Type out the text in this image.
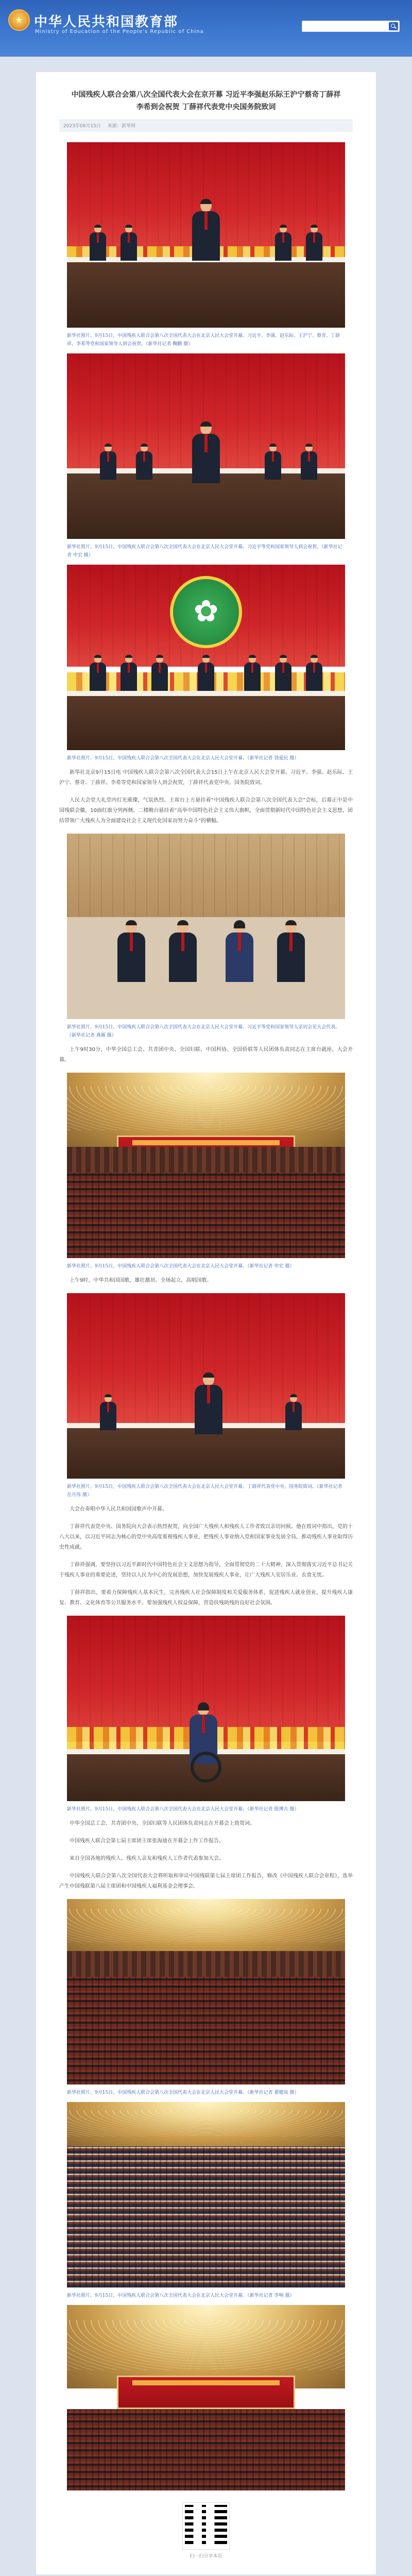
★
中华人民共和国教育部
Ministry of Education of the People's Republic of China
中国残疾人联合会第八次全国代表大会在京开幕 习近平李强赵乐际王沪宁蔡奇丁薛祥李希到会祝贺 丁薛祥代表党中央国务院致词
2023年09月15日 来源：新华网
新华社照片。9月15日，中国残疾人联合会第八次全国代表大会在北京人民大会堂开幕。习近平、李强、赵乐际、王沪宁、蔡奇、丁薛祥、李希等党和国家领导人到会祝贺。（新华社记者 鞠鹏 摄）
新华社照片。9月15日，中国残疾人联合会第八次全国代表大会在北京人民大会堂开幕。习近平等党和国家领导人到会祝贺。（新华社记者 申宏 摄）
✿
新华社照片。9月15日，中国残疾人联合会第八次全国代表大会在北京人民大会堂开幕。（新华社记者 饶爱民 摄）

新华社北京9月15日电 中国残疾人联合会第八次全国代表大会15日上午在北京人民大会堂开幕。习近平、李强、赵乐际、王沪宁、蔡奇、丁薛祥、李希等党和国家领导人到会祝贺，丁薛祥代表党中央、国务院致词。

人民大会堂大礼堂内灯光璀璨，气氛热烈。主席台上方悬挂着“中国残疾人联合会第八次全国代表大会”会标，后幕正中是中国残联会徽，10面红旗分列两侧。二楼眺台悬挂着“高举中国特色社会主义伟大旗帜，全面贯彻新时代中国特色社会主义思想，团结带领广大残疾人为全面建设社会主义现代化国家而努力奋斗”的横幅。

新华社照片。9月15日，中国残疾人联合会第八次全国代表大会在北京人民大会堂开幕。习近平等党和国家领导人亲切会见大会代表。（新华社记者 燕雁 摄）

上午9时30分，中华全国总工会、共青团中央、全国妇联、中国科协、全国侨联等人民团体负责同志在主席台就座，大会开幕。

新华社照片。9月15日，中国残疾人联合会第八次全国代表大会在北京人民大会堂开幕。（新华社记者 申宏 摄）

上午9时，中华共和国国歌，雄壮激昂。全场起立，高唱国歌。

新华社照片。9月15日，中国残疾人联合会第八次全国代表大会在北京人民大会堂开幕。丁薛祥代表党中央、国务院致词。（新华社记者 岳月伟 摄）

大会在奏唱中华人民共和国国歌声中开幕。

丁薛祥代表党中央、国务院向大会表示热烈祝贺，向全国广大残疾人和残疾人工作者致以亲切问候。他在致词中指出，党的十八大以来，以习近平同志为核心的党中央高度重视残疾人事业，把残疾人事业纳入党和国家事业发展全局，推动残疾人事业取得历史性成就。

丁薛祥强调，要坚持以习近平新时代中国特色社会主义思想为指导，全面贯彻党的二十大精神，深入贯彻落实习近平总书记关于残疾人事业的重要论述，坚持以人民为中心的发展思想，加快发展残疾人事业，让广大残疾人安居乐业、衣食无忧。

丁薛祥指出，要着力保障残疾人基本民生，完善残疾人社会保障制度和关爱服务体系，促进残疾人就业创业，提升残疾人康复、教育、文化体育等公共服务水平。要加强残疾人权益保障，营造扶残助残的良好社会氛围。

新华社照片。9月15日，中国残疾人联合会第八次全国代表大会在北京人民大会堂开幕。（新华社记者 殷博古 摄）

中华全国总工会、共青团中央、全国妇联等人民团体负责同志在开幕会上致贺词。

中国残疾人联合会第七届主席团主席张海迪在开幕会上作工作报告。

来自全国各地的残疾人、残疾人亲友和残疾人工作者代表参加大会。

中国残疾人联合会第八次全国代表大会将听取和审议中国残联第七届主席团工作报告，修改《中国残疾人联合会章程》，选举产生中国残联第八届主席团和中国残疾人福利基金会理事会。

新华社照片。9月15日，中国残疾人联合会第八次全国代表大会在北京人民大会堂开幕。（新华社记者 翟健岚 摄）
新华社照片。9月15日，中国残疾人联合会第八次全国代表大会在北京人民大会堂开幕。（新华社记者 李响 摄）
扫一扫分享本页
